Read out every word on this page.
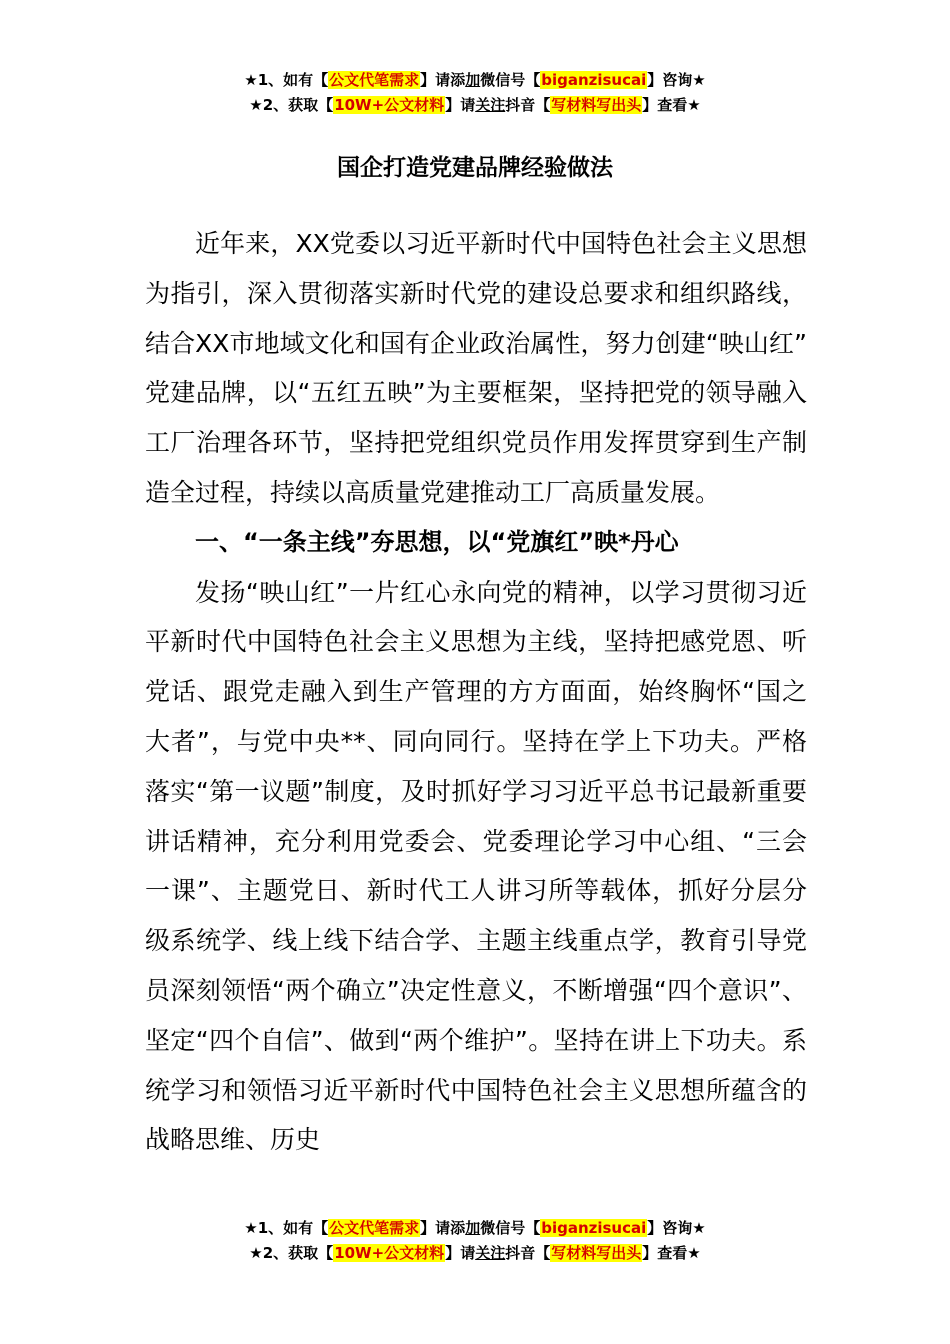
★1、如有【公文代笔需求】请添加微信号【biganzisucai】咨询★
★2、获取【10W+公文材料】请关注抖音【写材料写出头】查看★
国企打造党建品牌经验做法

近年来，XX党委以习近平新时代中国特色社会主义思想为指引，深入贯彻落实新时代党的建设总要求和组织路线，结合XX市地域文化和国有企业政治属性，努力创建“映山红”党建品牌，以“五红五映”为主要框架，坚持把党的领导融入工厂治理各环节，坚持把党组织党员作用发挥贯穿到生产制造全过程，持续以高质量党建推动工厂高质量发展。

一、“一条主线”夯思想，以“党旗红”映*丹心

发扬“映山红”一片红心永向党的精神，以学习贯彻习近平新时代中国特色社会主义思想为主线，坚持把感党恩、听党话、跟党走融入到生产管理的方方面面，始终胸怀“国之大者”，与党中央**、同向同行。坚持在学上下功夫。严格落实“第一议题”制度，及时抓好学习习近平总书记最新重要讲话精神，充分利用党委会、党委理论学习中心组、“三会一课”、主题党日、新时代工人讲习所等载体，抓好分层分级系统学、线上线下结合学、主题主线重点学，教育引导党员深刻领悟“两个确立”决定性意义，不断增强“四个意识”、坚定“四个自信”、做到“两个维护”。坚持在讲上下功夫。系统学习和领悟习近平新时代中国特色社会主义思想所蕴含的战略思维、历史

★1、如有【公文代笔需求】请添加微信号【biganzisucai】咨询★
★2、获取【10W+公文材料】请关注抖音【写材料写出头】查看★
